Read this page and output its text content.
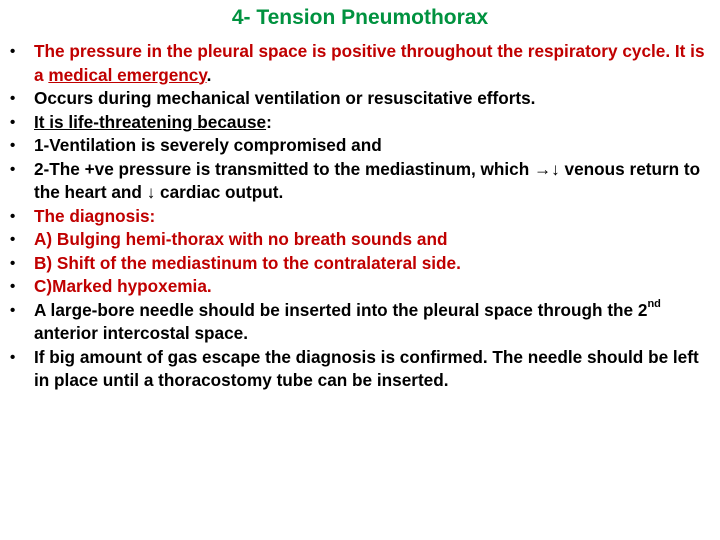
4- Tension Pneumothorax
• The pressure in the pleural space is positive throughout the respiratory cycle. It is a medical emergency.
• Occurs during mechanical ventilation or resuscitative efforts.
• It is life-threatening because:
• 1-Ventilation is severely compromised and
• 2-The +ve pressure is transmitted to the mediastinum, which →↓ venous return to the heart and ↓ cardiac output.
• The diagnosis:
• A) Bulging hemi-thorax with no breath sounds and
• B) Shift of the mediastinum to the contralateral side.
• C)Marked hypoxemia.
• A large-bore needle should be inserted into the pleural space through the 2nd anterior intercostal space.
• If big amount of gas escape the diagnosis is confirmed. The needle should be left in place until a thoracostomy tube can be inserted.
